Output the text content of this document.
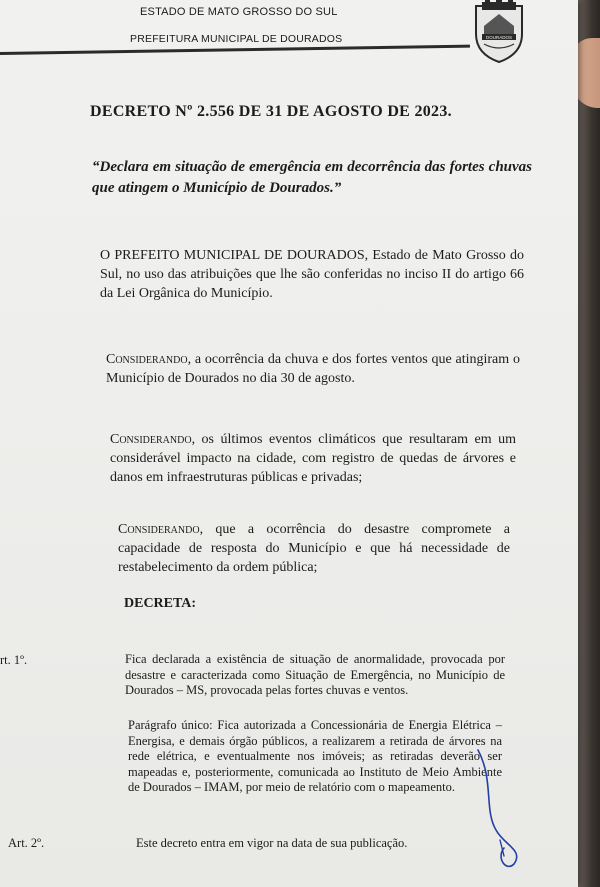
ESTADO DE MATO GROSSO DO SUL
PREFEITURA MUNICIPAL DE DOURADOS	DOURADOS
DECRETO Nº 2.556 DE 31 DE AGOSTO DE 2023.
“Declara em situação de emergência em decorrência das fortes chuvas que atingem o Município de Dourados.”
O PREFEITO MUNICIPAL DE DOURADOS, Estado de Mato Grosso do Sul, no uso das atribuições que lhe são conferidas no inciso II do artigo 66 da Lei Orgânica do Município.
Considerando, a ocorrência da chuva e dos fortes ventos que atingiram o Município de Dourados no dia 30 de agosto.
Considerando, os últimos eventos climáticos que resultaram em um considerável impacto na cidade, com registro de quedas de árvores e danos em infraestruturas públicas e privadas;
Considerando, que a ocorrência do desastre compromete a capacidade de resposta do Município e que há necessidade de restabelecimento da ordem pública;
DECRETA:
rt. 1º.	Fica declarada a existência de situação de anormalidade, provocada por desastre e caracterizada como Situação de Emergência, no Município de Dourados – MS, provocada pelas fortes chuvas e ventos.
Parágrafo único: Fica autorizada a Concessionária de Energia Elétrica – Energisa, e demais órgão públicos, a realizarem a retirada de árvores na rede elétrica, e eventualmente nos imóveis; as retiradas deverão ser mapeadas e, posteriormente, comunicada ao Instituto de Meio Ambiente de Dourados – IMAM, por meio de relatório com o mapeamento.
Art. 2º.	Este decreto entra em vigor na data de sua publicação.
